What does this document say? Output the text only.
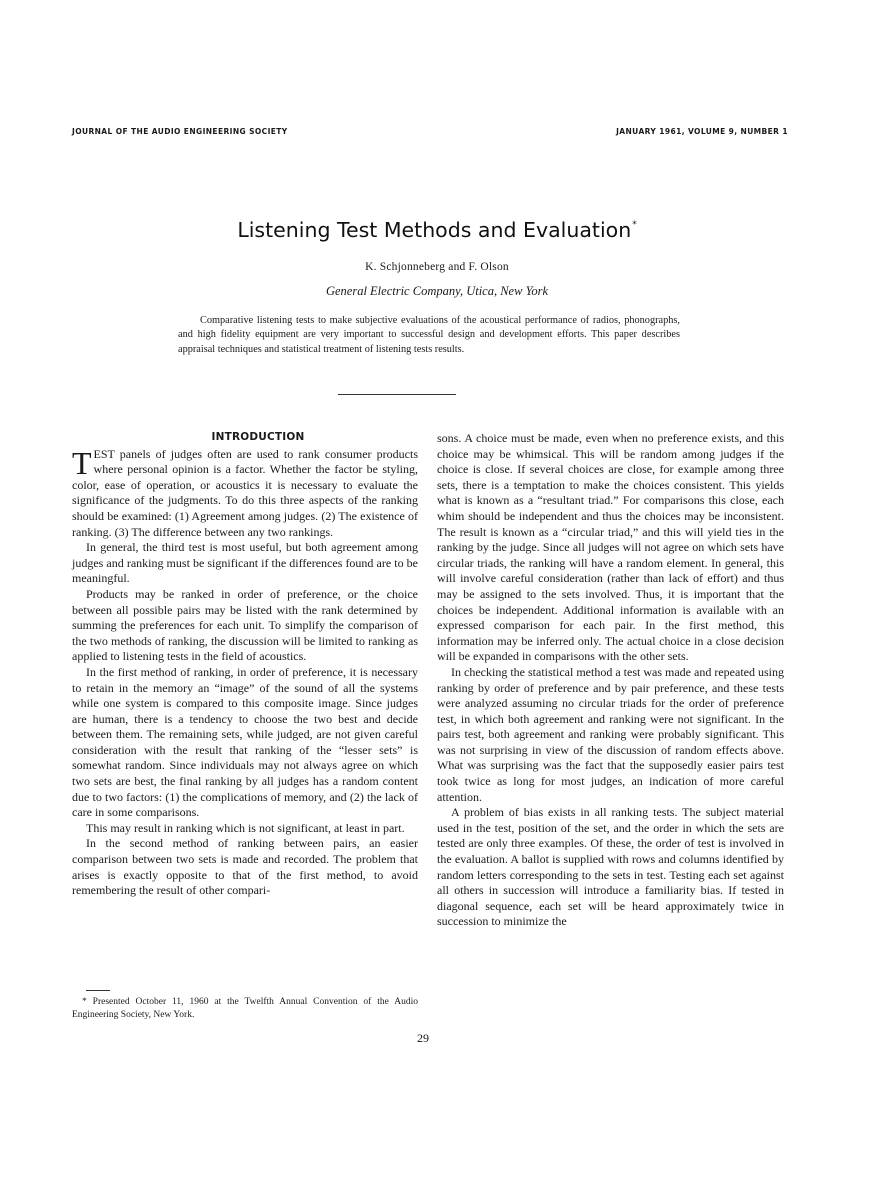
JOURNAL OF THE AUDIO ENGINEERING SOCIETY	JANUARY 1961, VOLUME 9, NUMBER 1
Listening Test Methods and Evaluation*
K. Schjonneberg and F. Olson
General Electric Company, Utica, New York
Comparative listening tests to make subjective evaluations of the acoustical performance of radios, phonographs, and high fidelity equipment are very important to successful design and development efforts. This paper describes appraisal techniques and statistical treatment of listening tests results.
INTRODUCTION

TEST panels of judges often are used to rank consumer products where personal opinion is a factor. Whether the factor be styling, color, ease of operation, or acoustics it is necessary to evaluate the significance of the judgments. To do this three aspects of the ranking should be examined: (1) Agreement among judges. (2) The existence of ranking. (3) The difference between any two rankings.

In general, the third test is most useful, but both agreement among judges and ranking must be significant if the differences found are to be meaningful.

Products may be ranked in order of preference, or the choice between all possible pairs may be listed with the rank determined by summing the preferences for each unit. To simplify the comparison of the two methods of ranking, the discussion will be limited to ranking as applied to listening tests in the field of acoustics.

In the first method of ranking, in order of preference, it is necessary to retain in the memory an “image” of the sound of all the systems while one system is compared to this composite image. Since judges are human, there is a tendency to choose the two best and decide between them. The remaining sets, while judged, are not given careful consideration with the result that ranking of the “lesser sets” is somewhat random. Since individuals may not always agree on which two sets are best, the final ranking by all judges has a random content due to two factors: (1) the complications of memory, and (2) the lack of care in some comparisons.

This may result in ranking which is not significant, at least in part.

In the second method of ranking between pairs, an easier comparison between two sets is made and recorded. The problem that arises is exactly opposite to that of the first method, to avoid remembering the result of other compari-

* Presented October 11, 1960 at the Twelfth Annual Convention of the Audio Engineering Society, New York.

sons. A choice must be made, even when no preference exists, and this choice may be whimsical. This will be random among judges if the choice is close. If several choices are close, for example among three sets, there is a temptation to make the choices consistent. This yields what is known as a “resultant triad.” For comparisons this close, each whim should be independent and thus the choices may be inconsistent. The result is known as a “circular triad,” and this will yield ties in the ranking by the judge. Since all judges will not agree on which sets have circular triads, the ranking will have a random element. In general, this will involve careful consideration (rather than lack of effort) and thus may be assigned to the sets involved. Thus, it is important that the choices be independent. Additional information is available with an expressed comparison for each pair. In the first method, this information may be inferred only. The actual choice in a close decision will be expanded in comparisons with the other sets.

In checking the statistical method a test was made and repeated using ranking by order of preference and by pair preference, and these tests were analyzed assuming no circular triads for the order of preference test, in which both agreement and ranking were not significant. In the pairs test, both agreement and ranking were probably significant. This was not surprising in view of the discussion of random effects above. What was surprising was the fact that the supposedly easier pairs test took twice as long for most judges, an indication of more careful attention.

A problem of bias exists in all ranking tests. The subject material used in the test, position of the set, and the order in which the sets are tested are only three examples. Of these, the order of test is involved in the evaluation. A ballot is supplied with rows and columns identified by random letters corresponding to the sets in test. Testing each set against all others in succession will introduce a familiarity bias. If tested in diagonal sequence, each set will be heard approximately twice in succession to minimize the

29
